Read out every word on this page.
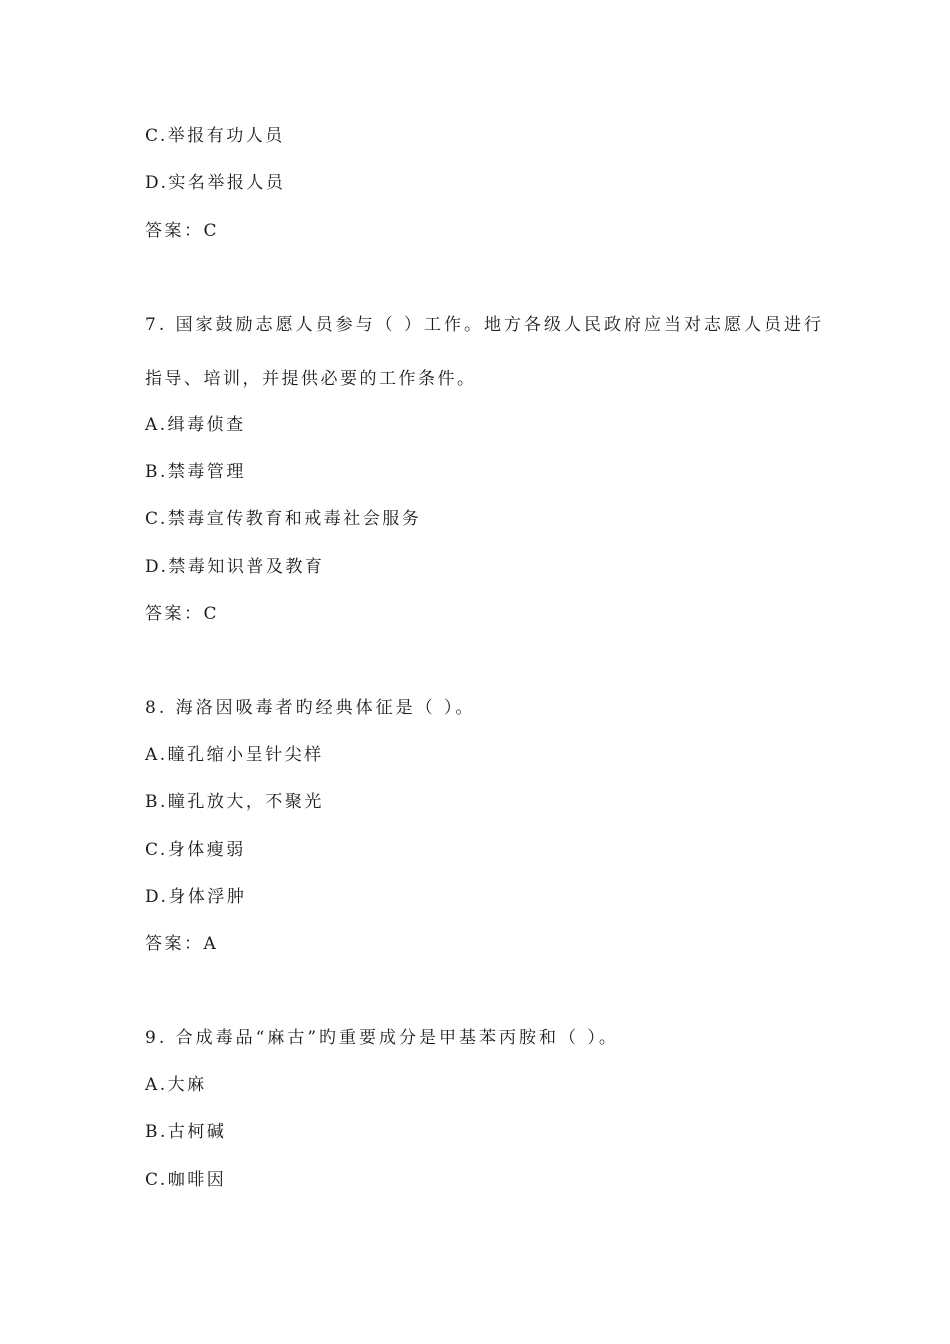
C.举报有功人员
D.实名举报人员
答案：C
7. 国家鼓励志愿人员参与（ ）工作。地方各级人民政府应当对志愿人员进行
指导、培训，并提供必要的工作条件。
A.缉毒侦查
B.禁毒管理
C.禁毒宣传教育和戒毒社会服务
D.禁毒知识普及教育
答案：C
8. 海洛因吸毒者旳经典体征是（ ）。
A.瞳孔缩小呈针尖样
B.瞳孔放大，不聚光
C.身体瘦弱
D.身体浮肿
答案：A
9. 合成毒品“麻古”旳重要成分是甲基苯丙胺和（ ）。
A.大麻
B.古柯碱
C.咖啡因
